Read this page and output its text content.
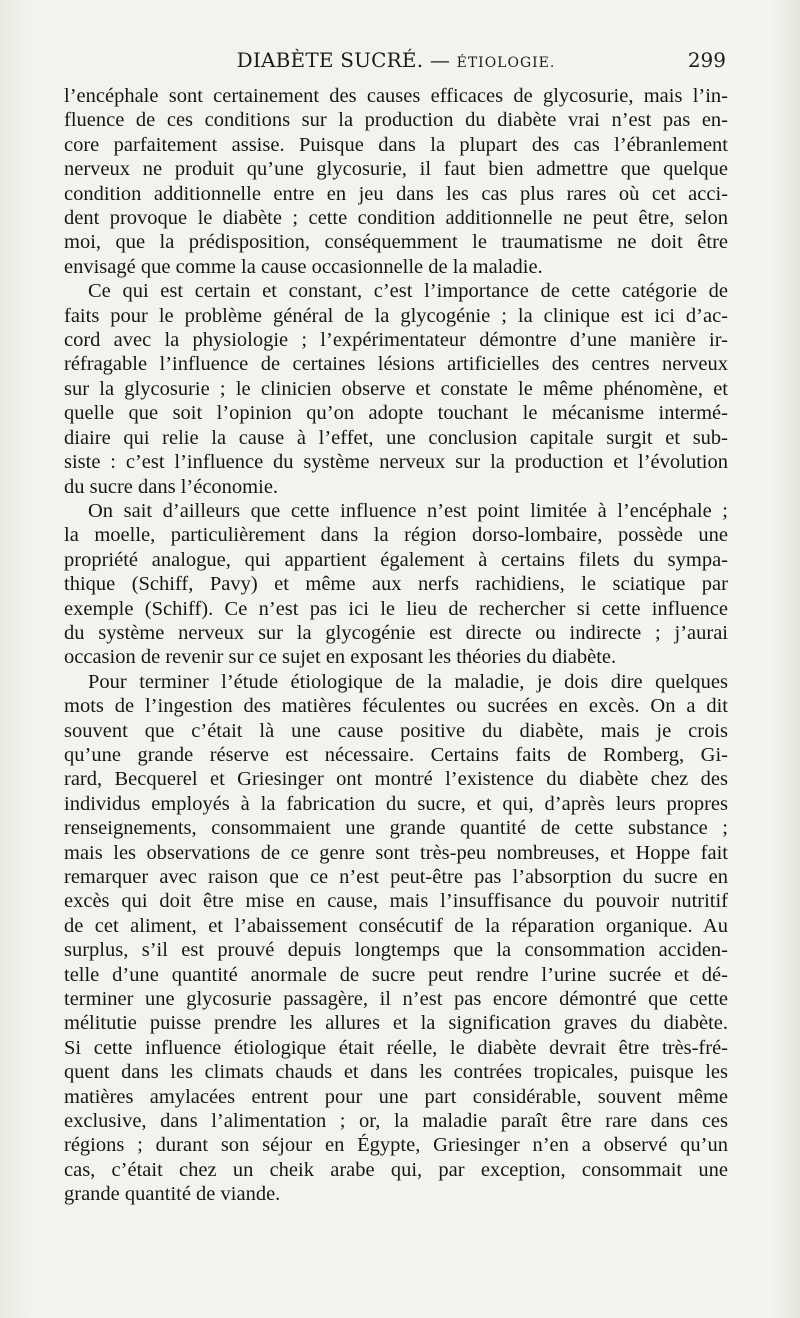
DIABÈTE SUCRÉ. — ÉTIOLOGIE.	299
l’encéphale sont certainement des causes efficaces de glycosurie, mais l’in-
fluence de ces conditions sur la production du diabète vrai n’est pas en-
core parfaitement assise. Puisque dans la plupart des cas l’ébranlement
nerveux ne produit qu’une glycosurie, il faut bien admettre que quelque
condition additionnelle entre en jeu dans les cas plus rares où cet acci-
dent provoque le diabète ; cette condition additionnelle ne peut être, selon
moi, que la prédisposition, conséquemment le traumatisme ne doit être
envisagé que comme la cause occasionnelle de la maladie.
Ce qui est certain et constant, c’est l’importance de cette catégorie de
faits pour le problème général de la glycogénie ; la clinique est ici d’ac-
cord avec la physiologie ; l’expérimentateur démontre d’une manière ir-
réfragable l’influence de certaines lésions artificielles des centres nerveux
sur la glycosurie ; le clinicien observe et constate le même phénomène, et
quelle que soit l’opinion qu’on adopte touchant le mécanisme intermé-
diaire qui relie la cause à l’effet, une conclusion capitale surgit et sub-
siste : c’est l’influence du système nerveux sur la production et l’évolution
du sucre dans l’économie.
On sait d’ailleurs que cette influence n’est point limitée à l’encéphale ;
la moelle, particulièrement dans la région dorso-lombaire, possède une
propriété analogue, qui appartient également à certains filets du sympa-
thique (Schiff, Pavy) et même aux nerfs rachidiens, le sciatique par
exemple (Schiff). Ce n’est pas ici le lieu de rechercher si cette influence
du système nerveux sur la glycogénie est directe ou indirecte ; j’aurai
occasion de revenir sur ce sujet en exposant les théories du diabète.
Pour terminer l’étude étiologique de la maladie, je dois dire quelques
mots de l’ingestion des matières féculentes ou sucrées en excès. On a dit
souvent que c’était là une cause positive du diabète, mais je crois
qu’une grande réserve est nécessaire. Certains faits de Romberg, Gi-
rard, Becquerel et Griesinger ont montré l’existence du diabète chez des
individus employés à la fabrication du sucre, et qui, d’après leurs propres
renseignements, consommaient une grande quantité de cette substance ;
mais les observations de ce genre sont très-peu nombreuses, et Hoppe fait
remarquer avec raison que ce n’est peut-être pas l’absorption du sucre en
excès qui doit être mise en cause, mais l’insuffisance du pouvoir nutritif
de cet aliment, et l’abaissement consécutif de la réparation organique. Au
surplus, s’il est prouvé depuis longtemps que la consommation acciden-
telle d’une quantité anormale de sucre peut rendre l’urine sucrée et dé-
terminer une glycosurie passagère, il n’est pas encore démontré que cette
mélitutie puisse prendre les allures et la signification graves du diabète.
Si cette influence étiologique était réelle, le diabète devrait être très-fré-
quent dans les climats chauds et dans les contrées tropicales, puisque les
matières amylacées entrent pour une part considérable, souvent même
exclusive, dans l’alimentation ; or, la maladie paraît être rare dans ces
régions ; durant son séjour en Égypte, Griesinger n’en a observé qu’un
cas, c’était chez un cheik arabe qui, par exception, consommait une
grande quantité de viande.
